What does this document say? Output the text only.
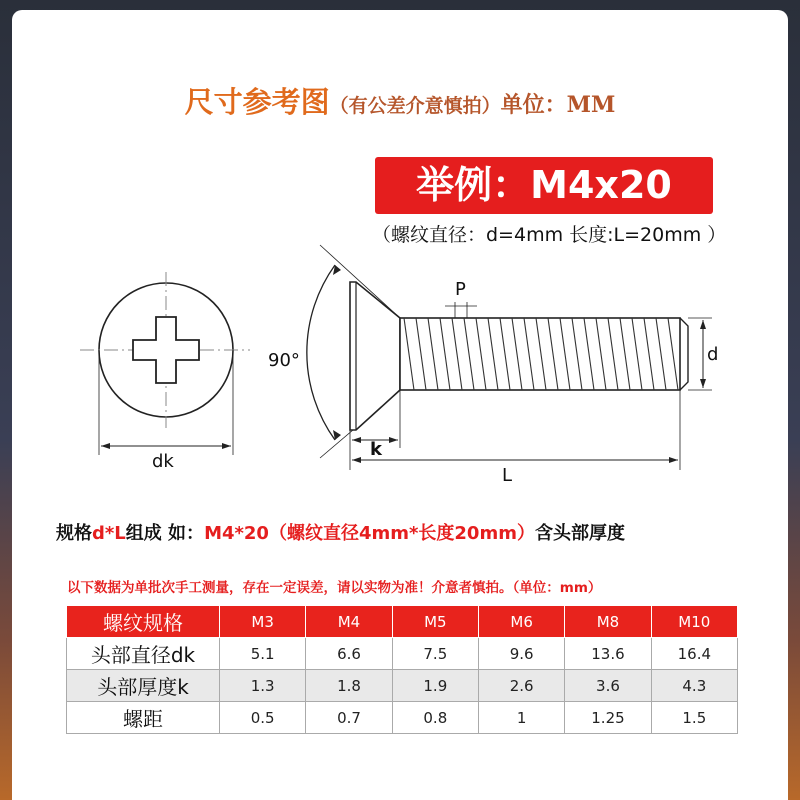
尺寸参考图（有公差介意慎拍）单位：MM
举例：M4x20
（螺纹直径：d=4mm 长度:L=20mm ）
dk
90°
P
d
k
L
规格d*L组成 如：M4*20（螺纹直径4mm*长度20mm）含头部厚度
以下数据为单批次手工测量，存在一定误差，请以实物为准！介意者慎拍。（单位：mm）
螺纹规格	M3	M4	M5	M6	M8	M10
头部直径dk	5.1	6.6	7.5	9.6	13.6	16.4
头部厚度k	1.3	1.8	1.9	2.6	3.6	4.3
螺距	0.5	0.7	0.8	1	1.25	1.5
